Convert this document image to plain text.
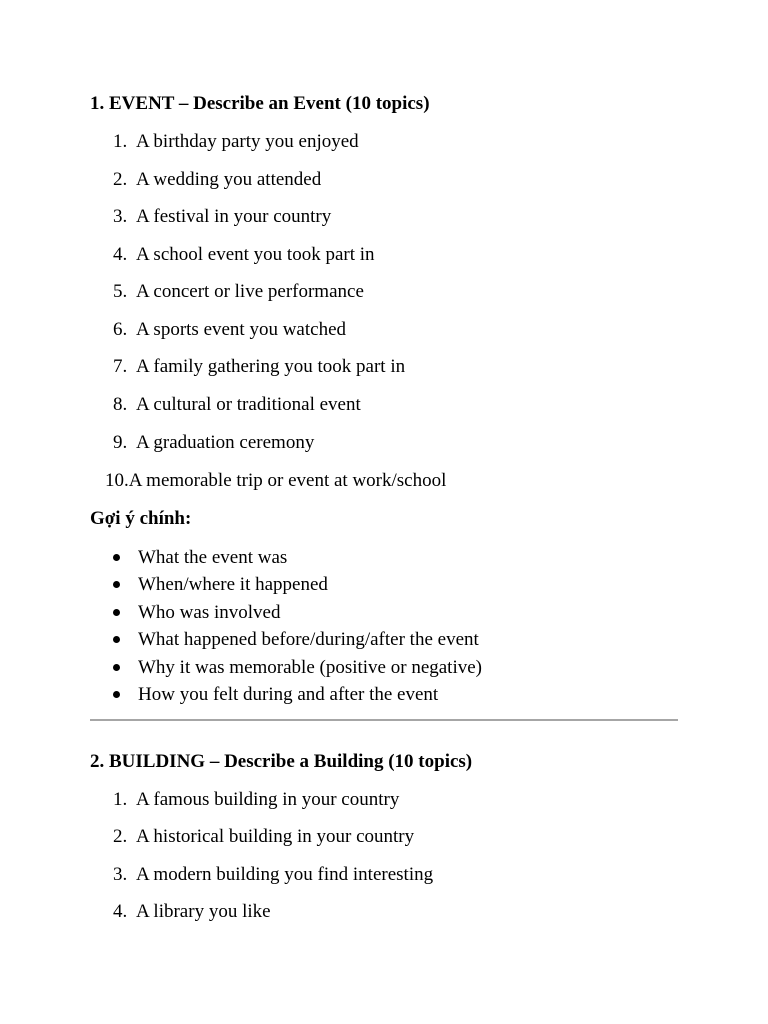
1. EVENT – Describe an Event (10 topics)
1. A birthday party you enjoyed
2. A wedding you attended
3. A festival in your country
4. A school event you took part in
5. A concert or live performance
6. A sports event you watched
7. A family gathering you took part in
8. A cultural or traditional event
9. A graduation ceremony
10.A memorable trip or event at work/school
Gợi ý chính:
What the event was
When/where it happened
Who was involved
What happened before/during/after the event
Why it was memorable (positive or negative)
How you felt during and after the event
2. BUILDING – Describe a Building (10 topics)
1. A famous building in your country
2. A historical building in your country
3. A modern building you find interesting
4. A library you like
